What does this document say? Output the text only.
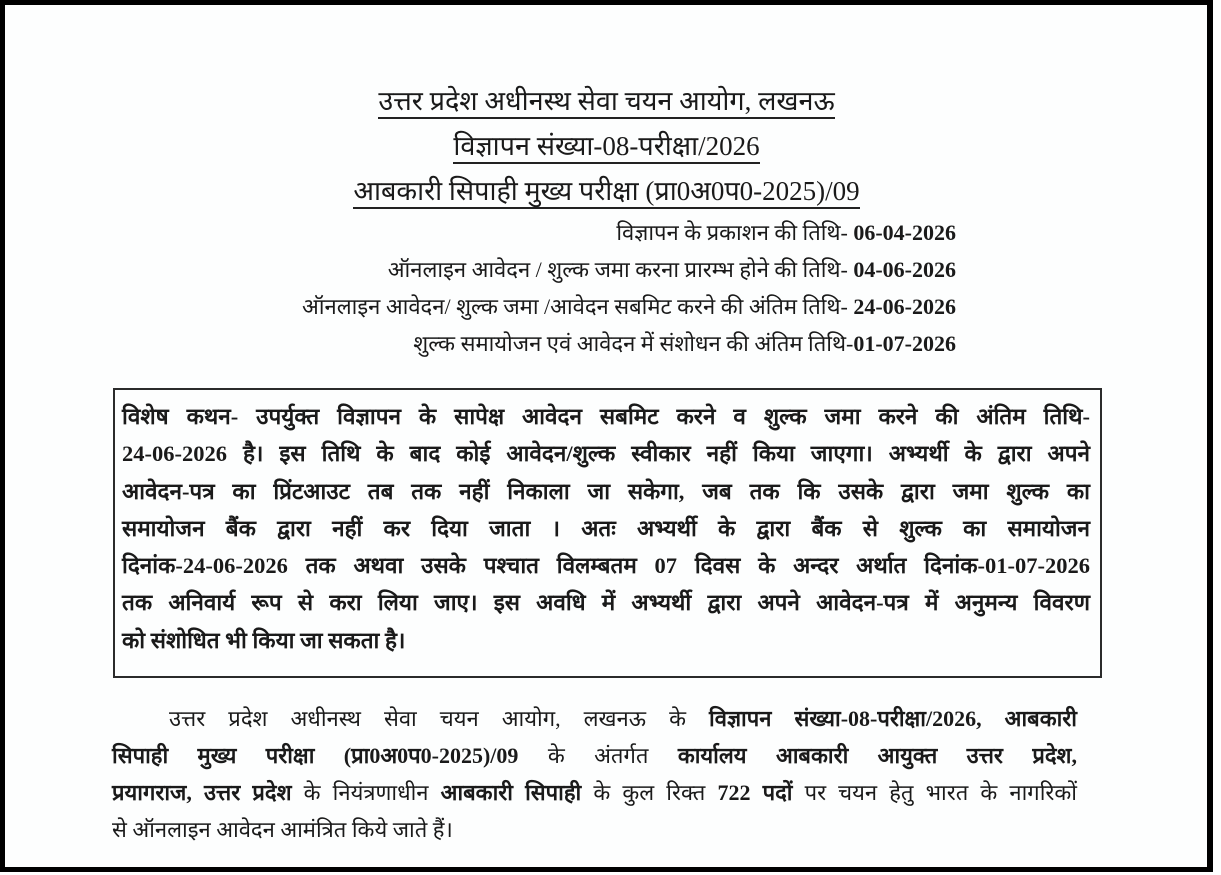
उत्तर प्रदेश अधीनस्थ सेवा चयन आयोग, लखनऊ
विज्ञापन संख्या-08-परीक्षा/2026
आबकारी सिपाही मुख्य परीक्षा (प्रा0अ0प0-2025)/09
विज्ञापन के प्रकाशन की तिथि- 06-04-2026
ऑनलाइन आवेदन / शुल्क जमा करना प्रारम्भ होने की तिथि- 04-06-2026
ऑनलाइन आवेदन/ शुल्क जमा /आवेदन सबमिट करने की अंतिम तिथि- 24-06-2026
शुल्क समायोजन एवं आवेदन में संशोधन की अंतिम तिथि-01-07-2026

विशेष कथन- उपर्युक्त विज्ञापन के सापेक्ष आवेदन सबमिट करने व शुल्क जमा करने की अंतिम तिथि-
24-06-2026 है। इस तिथि के बाद कोई आवेदन/शुल्क स्वीकार नहीं किया जाएगा। अभ्यर्थी के द्वारा अपने
आवेदन-पत्र का प्रिंटआउट तब तक नहीं निकाला जा सकेगा, जब तक कि उसके द्वारा जमा शुल्क का
समायोजन बैंक द्वारा नहीं कर दिया जाता । अतः अभ्यर्थी के द्वारा बैंक से शुल्क का समायोजन
दिनांक-24-06-2026 तक अथवा उसके पश्चात विलम्बतम 07 दिवस के अन्दर अर्थात दिनांक-01-07-2026
तक अनिवार्य रूप से करा लिया जाए। इस अवधि में अभ्यर्थी द्वारा अपने आवेदन-पत्र में अनुमन्य विवरण
को संशोधित भी किया जा सकता है।

उत्तर प्रदेश अधीनस्थ सेवा चयन आयोग, लखनऊ के विज्ञापन संख्या-08-परीक्षा/2026, आबकारी
सिपाही मुख्य परीक्षा (प्रा0अ0प0-2025)/09 के अंतर्गत कार्यालय आबकारी आयुक्त उत्तर प्रदेश,
प्रयागराज, उत्तर प्रदेश के नियंत्रणाधीन आबकारी सिपाही के कुल रिक्त 722 पदों पर चयन हेतु भारत के नागरिकों
से ऑनलाइन आवेदन आमंत्रित किये जाते हैं।
